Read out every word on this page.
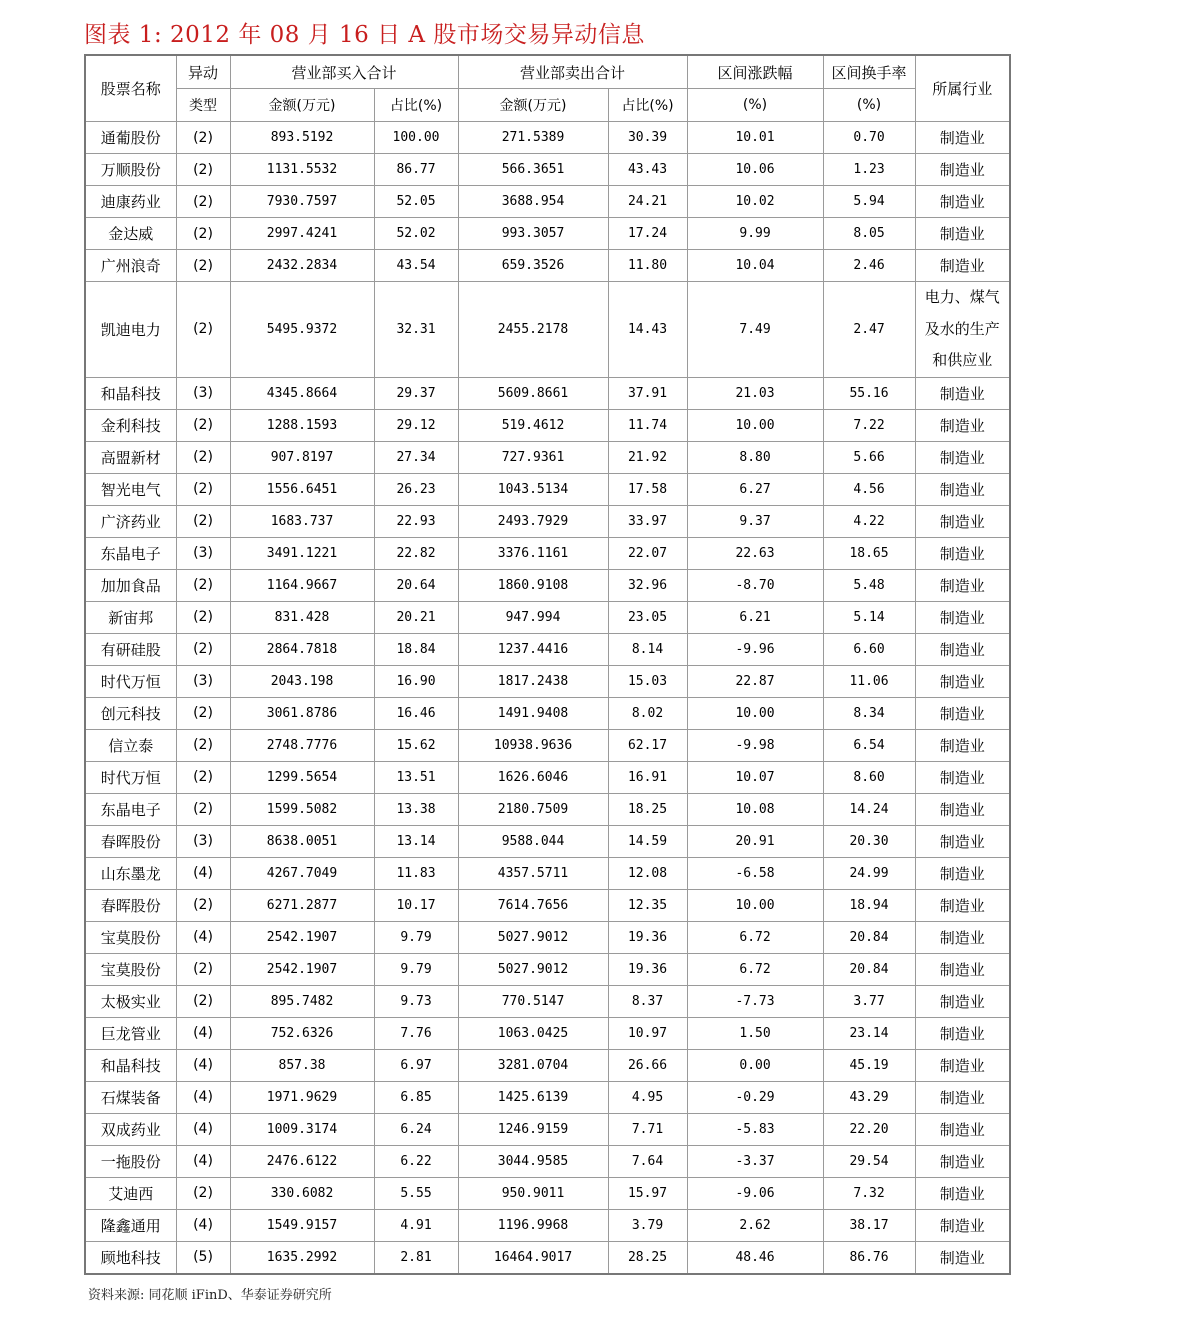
图表 1: 2012 年 08 月 16 日 A 股市场交易异动信息
股票名称	异动	营业部买入合计		营业部卖出合计		区间涨跌幅	区间换手率	所属行业
	类型	金额(万元)	占比(%)	金额(万元)	占比(%)	(%)	(%)	
通葡股份	(2)	893.5192	100.00	271.5389	30.39	10.01	0.70	制造业
万顺股份	(2)	1131.5532	86.77	566.3651	43.43	10.06	1.23	制造业
迪康药业	(2)	7930.7597	52.05	3688.954	24.21	10.02	5.94	制造业
金达威	(2)	2997.4241	52.02	993.3057	17.24	9.99	8.05	制造业
广州浪奇	(2)	2432.2834	43.54	659.3526	11.80	10.04	2.46	制造业
凯迪电力	(2)	5495.9372	32.31	2455.2178	14.43	7.49	2.47	电力、煤气及水的生产和供应业
和晶科技	(3)	4345.8664	29.37	5609.8661	37.91	21.03	55.16	制造业
金利科技	(2)	1288.1593	29.12	519.4612	11.74	10.00	7.22	制造业
高盟新材	(2)	907.8197	27.34	727.9361	21.92	8.80	5.66	制造业
智光电气	(2)	1556.6451	26.23	1043.5134	17.58	6.27	4.56	制造业
广济药业	(2)	1683.737	22.93	2493.7929	33.97	9.37	4.22	制造业
东晶电子	(3)	3491.1221	22.82	3376.1161	22.07	22.63	18.65	制造业
加加食品	(2)	1164.9667	20.64	1860.9108	32.96	-8.70	5.48	制造业
新宙邦	(2)	831.428	20.21	947.994	23.05	6.21	5.14	制造业
有研硅股	(2)	2864.7818	18.84	1237.4416	8.14	-9.96	6.60	制造业
时代万恒	(3)	2043.198	16.90	1817.2438	15.03	22.87	11.06	制造业
创元科技	(2)	3061.8786	16.46	1491.9408	8.02	10.00	8.34	制造业
信立泰	(2)	2748.7776	15.62	10938.9636	62.17	-9.98	6.54	制造业
时代万恒	(2)	1299.5654	13.51	1626.6046	16.91	10.07	8.60	制造业
东晶电子	(2)	1599.5082	13.38	2180.7509	18.25	10.08	14.24	制造业
春晖股份	(3)	8638.0051	13.14	9588.044	14.59	20.91	20.30	制造业
山东墨龙	(4)	4267.7049	11.83	4357.5711	12.08	-6.58	24.99	制造业
春晖股份	(2)	6271.2877	10.17	7614.7656	12.35	10.00	18.94	制造业
宝莫股份	(4)	2542.1907	9.79	5027.9012	19.36	6.72	20.84	制造业
宝莫股份	(2)	2542.1907	9.79	5027.9012	19.36	6.72	20.84	制造业
太极实业	(2)	895.7482	9.73	770.5147	8.37	-7.73	3.77	制造业
巨龙管业	(4)	752.6326	7.76	1063.0425	10.97	1.50	23.14	制造业
和晶科技	(4)	857.38	6.97	3281.0704	26.66	0.00	45.19	制造业
石煤装备	(4)	1971.9629	6.85	1425.6139	4.95	-0.29	43.29	制造业
双成药业	(4)	1009.3174	6.24	1246.9159	7.71	-5.83	22.20	制造业
一拖股份	(4)	2476.6122	6.22	3044.9585	7.64	-3.37	29.54	制造业
艾迪西	(2)	330.6082	5.55	950.9011	15.97	-9.06	7.32	制造业
隆鑫通用	(4)	1549.9157	4.91	1196.9968	3.79	2.62	38.17	制造业
顾地科技	(5)	1635.2992	2.81	16464.9017	28.25	48.46	86.76	制造业
资料来源: 同花顺 iFinD、华泰证券研究所
